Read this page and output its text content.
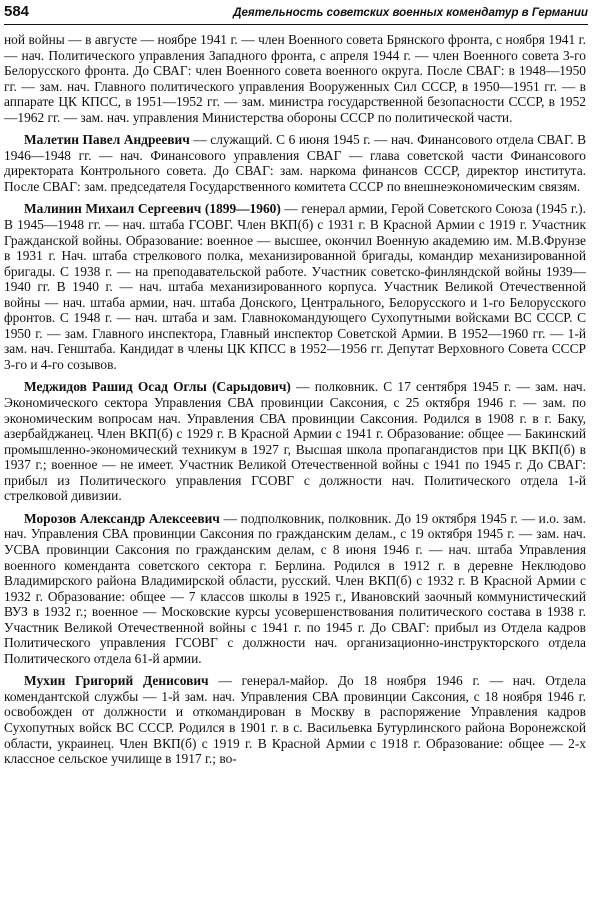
584	Деятельность советских военных комендатур в Германии

ной войны — в августе — ноябре 1941 г. — член Военного совета Брянского фронта, с ноября 1941 г. — нач. Политического управления Западного фронта, с апреля 1944 г. — член Военного совета 3-го Белорусского фронта. До СВАГ: член Военного совета военного округа. После СВАГ: в 1948—1950 гг. — зам. нач. Главного политического управления Вооруженных Сил СССР, в 1950—1951 гг. — в аппарате ЦК КПСС, в 1951—1952 гг. — зам. министра государственной безопасности СССР, в 1952—1962 гг. — зам. нач. управления Министерства обороны СССР по политической части.

Малетин Павел Андреевич — служащий. С 6 июня 1945 г. — нач. Финансового отдела СВАГ. В 1946—1948 гг. — нач. Финансового управления СВАГ — глава советской части Финансового директората Контрольного совета. До СВАГ: зам. наркома финансов СССР, директор института. После СВАГ: зам. председателя Государственного комитета СССР по внешнеэкономическим связям.

Малинин Михаил Сергеевич (1899—1960) — генерал армии, Герой Советского Союза (1945 г.). В 1945—1948 гг. — нач. штаба ГСОВГ. Член ВКП(б) с 1931 г. В Красной Армии с 1919 г. Участник Гражданской войны. Образование: военное — высшее, окончил Военную академию им. М.В.Фрунзе в 1931 г. Нач. штаба стрелкового полка, механизированной бригады, командир механизированной бригады. С 1938 г. — на преподавательской работе. Участник советско-финляндской войны 1939—1940 гг. В 1940 г. — нач. штаба механизированного корпуса. Участник Великой Отечественной войны — нач. штаба армии, нач. штаба Донского, Центрального, Белорусского и 1-го Белорусского фронтов. С 1948 г. — нач. штаба и зам. Главнокомандующего Сухопутными войсками ВС СССР. С 1950 г. — зам. Главного инспектора, Главный инспектор Советской Армии. В 1952—1960 гг. — 1-й зам. нач. Генштаба. Кандидат в члены ЦК КПСС в 1952—1956 гг. Депутат Верховного Совета СССР 3-го и 4-го созывов.

Меджидов Рашид Осад Оглы (Сарыдович) — полковник. С 17 сентября 1945 г. — зам. нач. Экономического сектора Управления СВА провинции Саксония, с 25 октября 1946 г. — зам. по экономическим вопросам нач. Управления СВА провинции Саксония. Родился в 1908 г. в г. Баку, азербайджанец. Член ВКП(б) с 1929 г. В Красной Армии с 1941 г. Образование: общее — Бакинский промышленно-экономический техникум в 1927 г, Высшая школа пропагандистов при ЦК ВКП(б) в 1937 г.; военное — не имеет. Участник Великой Отечественной войны с 1941 по 1945 г. До СВАГ: прибыл из Политического управления ГСОВГ с должности нач. Политического отдела 1-й стрелковой дивизии.

Морозов Александр Алексеевич — подполковник, полковник. До 19 октября 1945 г. — и.о. зам. нач. Управления СВА провинции Саксония по гражданским делам., с 19 октября 1945 г. — зам. нач. УСВА провинции Саксония по гражданским делам, с 8 июня 1946 г. — нач. штаба Управления военного коменданта советского сектора г. Берлина. Родился в 1912 г. в деревне Неклюдово Владимирского района Владимирской области, русский. Член ВКП(б) с 1932 г. В Красной Армии с 1932 г. Образование: общее — 7 классов школы в 1925 г., Ивановский заочный коммунистический ВУЗ в 1932 г.; военное — Московские курсы усовершенствования политического состава в 1938 г. Участник Великой Отечественной войны с 1941 г. по 1945 г. До СВАГ: прибыл из Отдела кадров Политического управления ГСОВГ с должности нач. организационно-инструкторского отдела Политического отдела 61-й армии.

Мухин Григорий Денисович — генерал-майор. До 18 ноября 1946 г. — нач. Отдела комендантской службы — 1-й зам. нач. Управления СВА провинции Саксония, с 18 ноября 1946 г. освобожден от должности и откомандирован в Москву в распоряжение Управления кадров Сухопутных войск ВС СССР. Родился в 1901 г. в с. Васильевка Бутурлинского района Воронежской области, украинец. Член ВКП(б) с 1919 г. В Красной Армии с 1918 г. Образование: общее — 2-х классное сельское училище в 1917 г.; во-
